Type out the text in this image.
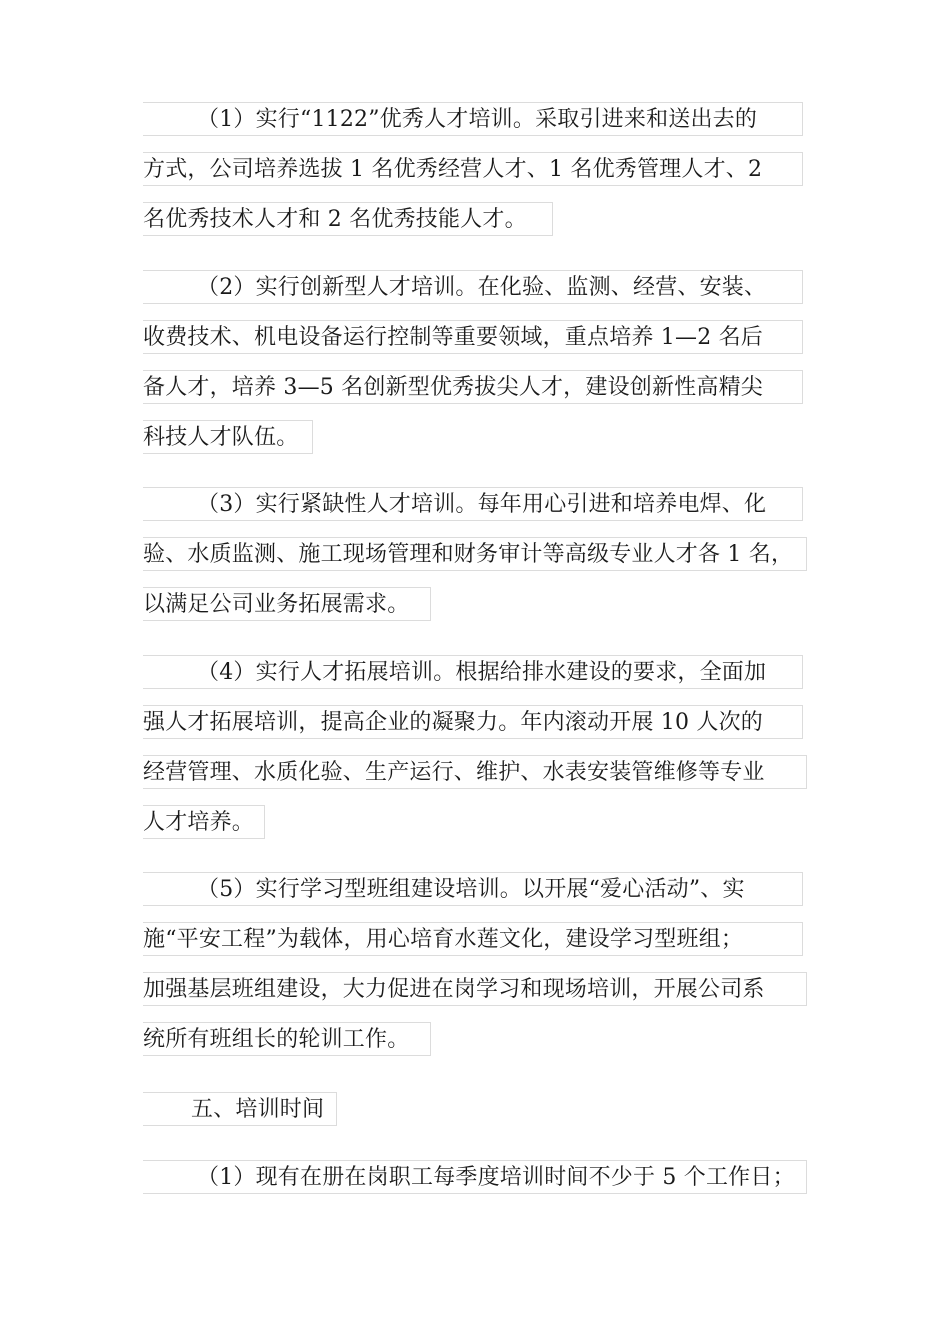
（1）实行“1122”优秀人才培训。采取引进来和送出去的
方式，公司培养选拔 1 名优秀经营人才、1 名优秀管理人才、2
名优秀技术人才和 2 名优秀技能人才。
（2）实行创新型人才培训。在化验、监测、经营、安装、
收费技术、机电设备运行控制等重要领域，重点培养 1—2 名后
备人才，培养 3—5 名创新型优秀拔尖人才，建设创新性高精尖
科技人才队伍。
（3）实行紧缺性人才培训。每年用心引进和培养电焊、化
验、水质监测、施工现场管理和财务审计等高级专业人才各 1 名，
以满足公司业务拓展需求。
（4）实行人才拓展培训。根据给排水建设的要求，全面加
强人才拓展培训，提高企业的凝聚力。年内滚动开展 10 人次的
经营管理、水质化验、生产运行、维护、水表安装管维修等专业
人才培养。
（5）实行学习型班组建设培训。以开展“爱心活动”、实
施“平安工程”为载体，用心培育水莲文化，建设学习型班组；
加强基层班组建设，大力促进在岗学习和现场培训，开展公司系
统所有班组长的轮训工作。
五、培训时间
（1）现有在册在岗职工每季度培训时间不少于 5 个工作日；
